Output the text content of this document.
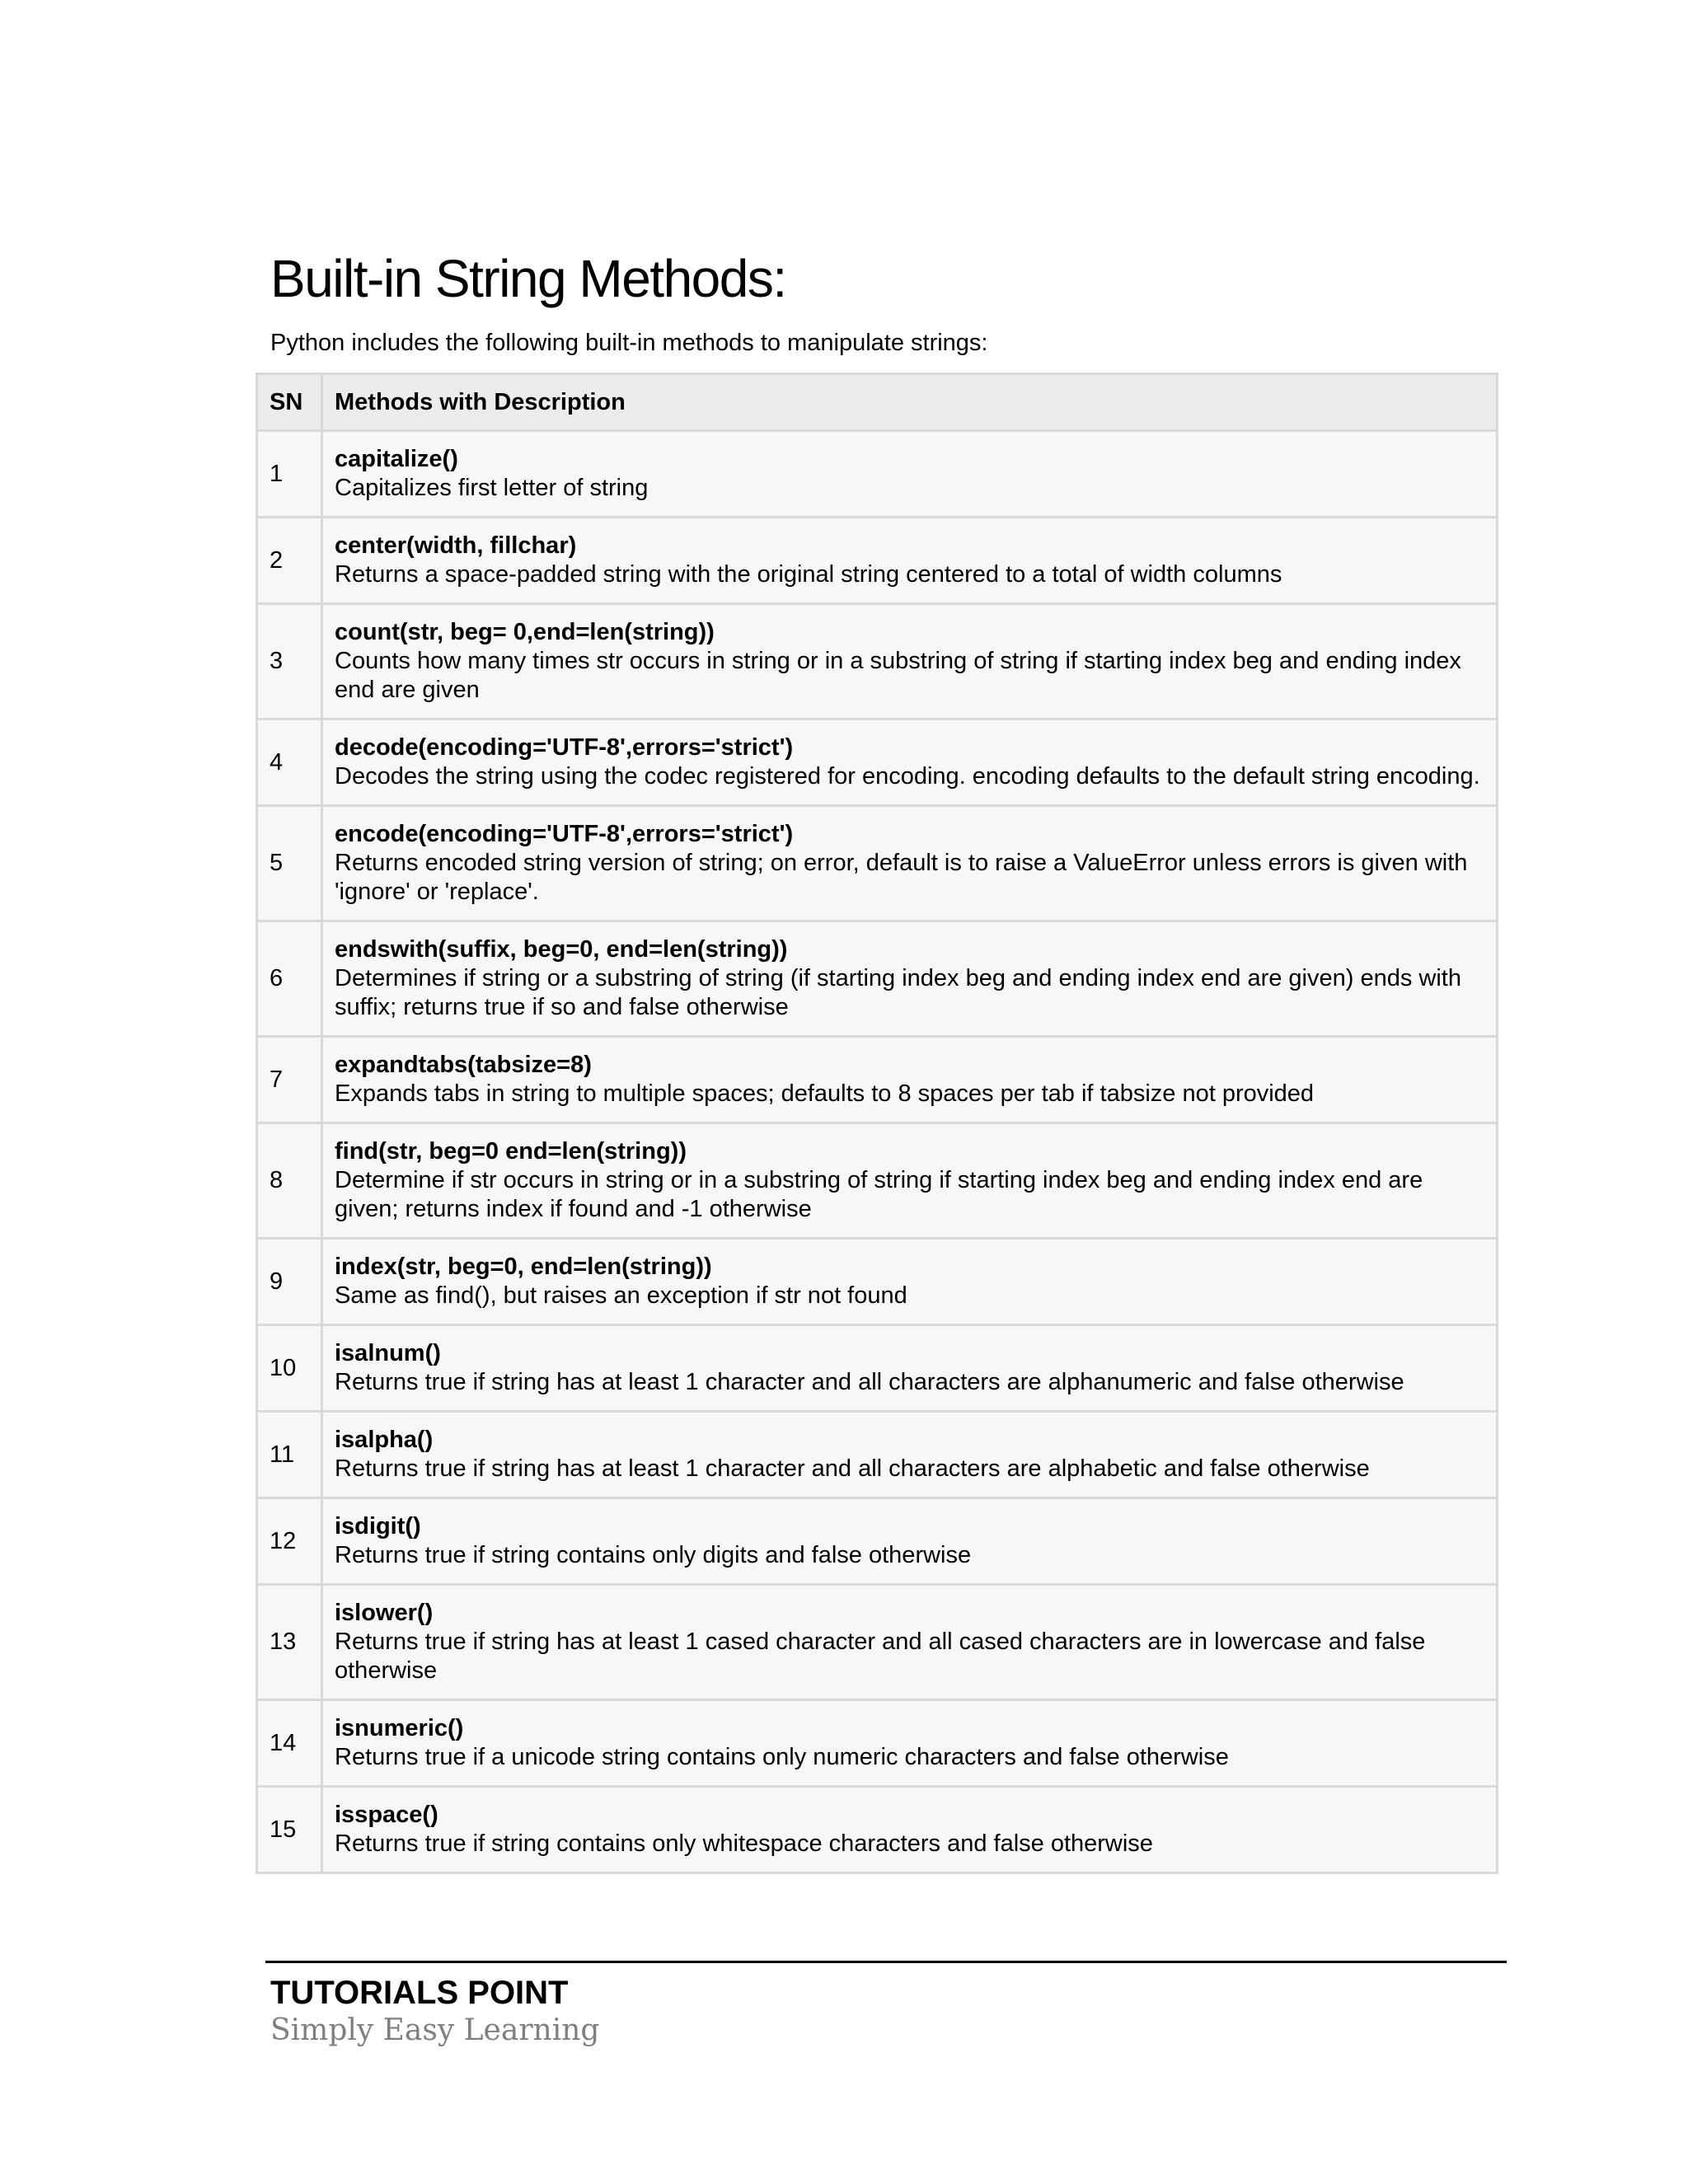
Built-in String Methods:

Python includes the following built-in methods to manipulate strings:

SN	Methods with Description
1	capitalize()
Capitalizes first letter of string

2	center(width, fillchar)
Returns a space-padded string with the original string centered to a total of width columns

3	count(str, beg= 0,end=len(string))
Counts how many times str occurs in string or in a substring of string if starting index beg and ending index end are given

4	decode(encoding='UTF-8',errors='strict')
Decodes the string using the codec registered for encoding. encoding defaults to the default string encoding.

5	encode(encoding='UTF-8',errors='strict')
Returns encoded string version of string; on error, default is to raise a ValueError unless errors is given with 'ignore' or 'replace'.

6	endswith(suffix, beg=0, end=len(string))
Determines if string or a substring of string (if starting index beg and ending index end are given) ends with suffix; returns true if so and false otherwise

7	expandtabs(tabsize=8)
Expands tabs in string to multiple spaces; defaults to 8 spaces per tab if tabsize not provided

8	find(str, beg=0 end=len(string))
Determine if str occurs in string or in a substring of string if starting index beg and ending index end are given; returns index if found and -1 otherwise

9	index(str, beg=0, end=len(string))
Same as find(), but raises an exception if str not found

10	isalnum()
Returns true if string has at least 1 character and all characters are alphanumeric and false otherwise

11	isalpha()
Returns true if string has at least 1 character and all characters are alphabetic and false otherwise

12	isdigit()
Returns true if string contains only digits and false otherwise

13	islower()
Returns true if string has at least 1 cased character and all cased characters are in lowercase and false otherwise

14	isnumeric()
Returns true if a unicode string contains only numeric characters and false otherwise

15	isspace()
Returns true if string contains only whitespace characters and false otherwise
TUTORIALS POINT
Simply Easy Learning
